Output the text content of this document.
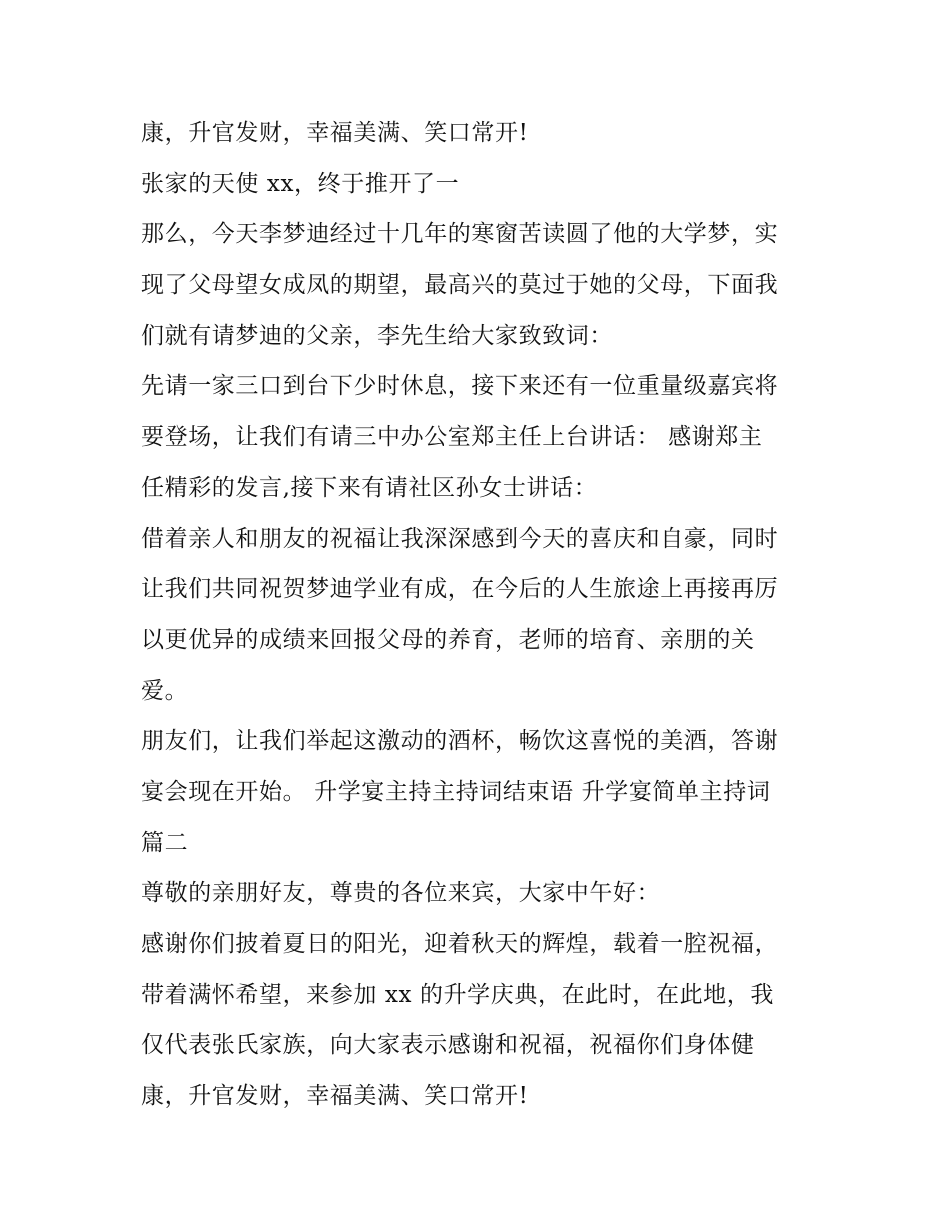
康，升官发财，幸福美满、笑口常开!
张家的天使 xx，终于推开了一
那么，今天李梦迪经过十几年的寒窗苦读圆了他的大学梦，实
现了父母望女成凤的期望，最高兴的莫过于她的父母，下面我
们就有请梦迪的父亲，李先生给大家致致词：
先请一家三口到台下少时休息，接下来还有一位重量级嘉宾将
要登场，让我们有请三中办公室郑主任上台讲话： 感谢郑主
任精彩的发言,接下来有请社区孙女士讲话：
借着亲人和朋友的祝福让我深深感到今天的喜庆和自豪，同时
让我们共同祝贺梦迪学业有成，在今后的人生旅途上再接再厉
以更优异的成绩来回报父母的养育，老师的培育、亲朋的关
爱。
朋友们，让我们举起这激动的酒杯，畅饮这喜悦的美酒，答谢
宴会现在开始。 升学宴主持主持词结束语 升学宴简单主持词
篇二
尊敬的亲朋好友，尊贵的各位来宾，大家中午好：
感谢你们披着夏日的阳光，迎着秋天的辉煌，载着一腔祝福，
带着满怀希望，来参加 xx 的升学庆典，在此时，在此地，我
仅代表张氏家族，向大家表示感谢和祝福，祝福你们身体健
康，升官发财，幸福美满、笑口常开!
